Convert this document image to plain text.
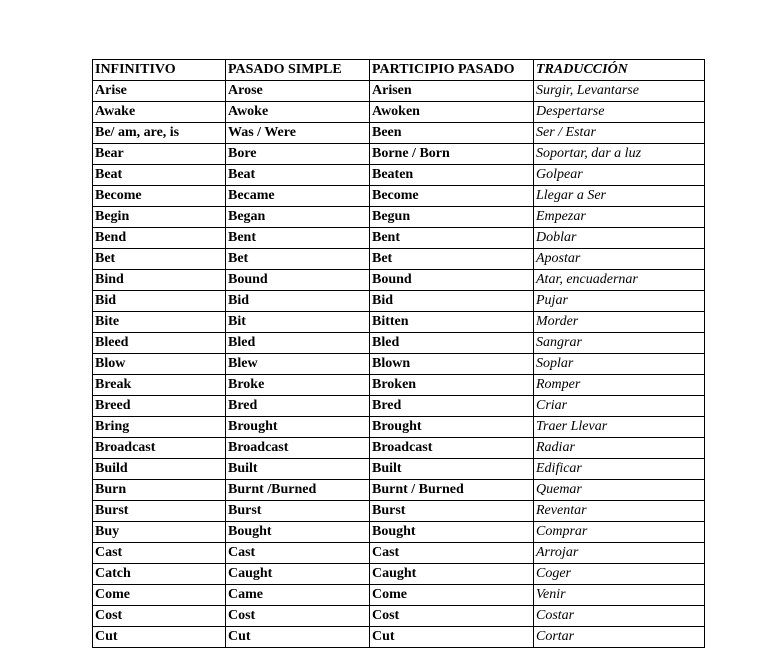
INFINITIVO	PASADO SIMPLE	PARTICIPIO PASADO	TRADUCCIÓN
Arise	Arose	Arisen	Surgir, Levantarse
Awake	Awoke	Awoken	Despertarse
Be/ am, are, is	Was / Were	Been	Ser / Estar
Bear	Bore	Borne / Born	Soportar, dar a luz
Beat	Beat	Beaten	Golpear
Become	Became	Become	Llegar a Ser
Begin	Began	Begun	Empezar
Bend	Bent	Bent	Doblar
Bet	Bet	Bet	Apostar
Bind	Bound	Bound	Atar, encuadernar
Bid	Bid	Bid	Pujar
Bite	Bit	Bitten	Morder
Bleed	Bled	Bled	Sangrar
Blow	Blew	Blown	Soplar
Break	Broke	Broken	Romper
Breed	Bred	Bred	Criar
Bring	Brought	Brought	Traer Llevar
Broadcast	Broadcast	Broadcast	Radiar
Build	Built	Built	Edificar
Burn	Burnt /Burned	Burnt / Burned	Quemar
Burst	Burst	Burst	Reventar
Buy	Bought	Bought	Comprar
Cast	Cast	Cast	Arrojar
Catch	Caught	Caught	Coger
Come	Came	Come	Venir
Cost	Cost	Cost	Costar
Cut	Cut	Cut	Cortar
